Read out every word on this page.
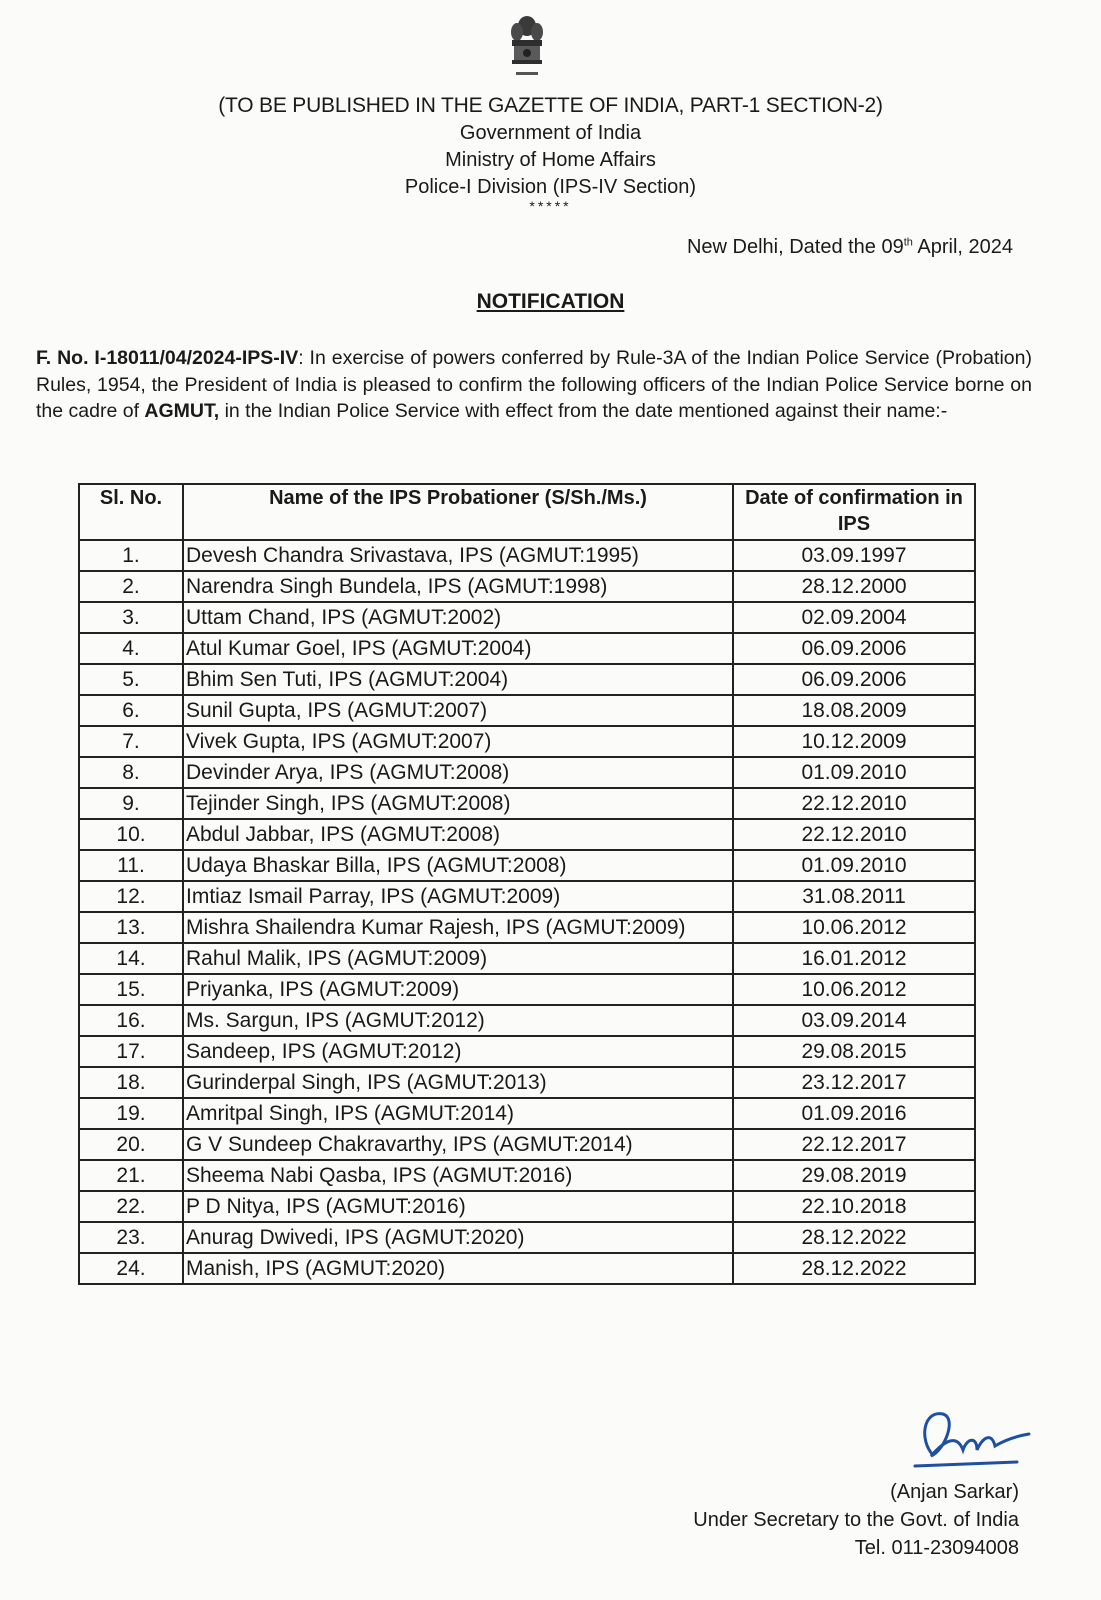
(TO BE PUBLISHED IN THE GAZETTE OF INDIA, PART-1 SECTION-2)
Government of India
Ministry of Home Affairs
Police-I Division (IPS-IV Section)
*****
New Delhi, Dated the 09th April, 2024
NOTIFICATION
F. No. I-18011/04/2024-IPS-IV: In exercise of powers conferred by Rule-3A of the Indian Police Service (Probation) Rules, 1954, the President of India is pleased to confirm the following officers of the Indian Police Service borne on the cadre of AGMUT, in the Indian Police Service with effect from the date mentioned against their name:-
Sl. No.	Name of the IPS Probationer (S/Sh./Ms.)	Date of confirmation in IPS
1.	Devesh Chandra Srivastava, IPS (AGMUT:1995)	03.09.1997
2.	Narendra Singh Bundela, IPS (AGMUT:1998)	28.12.2000
3.	Uttam Chand, IPS (AGMUT:2002)	02.09.2004
4.	Atul Kumar Goel, IPS (AGMUT:2004)	06.09.2006
5.	Bhim Sen Tuti, IPS (AGMUT:2004)	06.09.2006
6.	Sunil Gupta, IPS (AGMUT:2007)	18.08.2009
7.	Vivek Gupta, IPS (AGMUT:2007)	10.12.2009
8.	Devinder Arya, IPS (AGMUT:2008)	01.09.2010
9.	Tejinder Singh, IPS (AGMUT:2008)	22.12.2010
10.	Abdul Jabbar, IPS (AGMUT:2008)	22.12.2010
11.	Udaya Bhaskar Billa, IPS (AGMUT:2008)	01.09.2010
12.	Imtiaz Ismail Parray, IPS (AGMUT:2009)	31.08.2011
13.	Mishra Shailendra Kumar Rajesh, IPS (AGMUT:2009)	10.06.2012
14.	Rahul Malik, IPS (AGMUT:2009)	16.01.2012
15.	Priyanka, IPS (AGMUT:2009)	10.06.2012
16.	Ms. Sargun, IPS (AGMUT:2012)	03.09.2014
17.	Sandeep, IPS (AGMUT:2012)	29.08.2015
18.	Gurinderpal Singh, IPS (AGMUT:2013)	23.12.2017
19.	Amritpal Singh, IPS (AGMUT:2014)	01.09.2016
20.	G V Sundeep Chakravarthy, IPS (AGMUT:2014)	22.12.2017
21.	Sheema Nabi Qasba, IPS (AGMUT:2016)	29.08.2019
22.	P D Nitya, IPS (AGMUT:2016)	22.10.2018
23.	Anurag Dwivedi, IPS (AGMUT:2020)	28.12.2022
24.	Manish, IPS (AGMUT:2020)	28.12.2022
(Anjan Sarkar)
Under Secretary to the Govt. of India
Tel. 011-23094008
